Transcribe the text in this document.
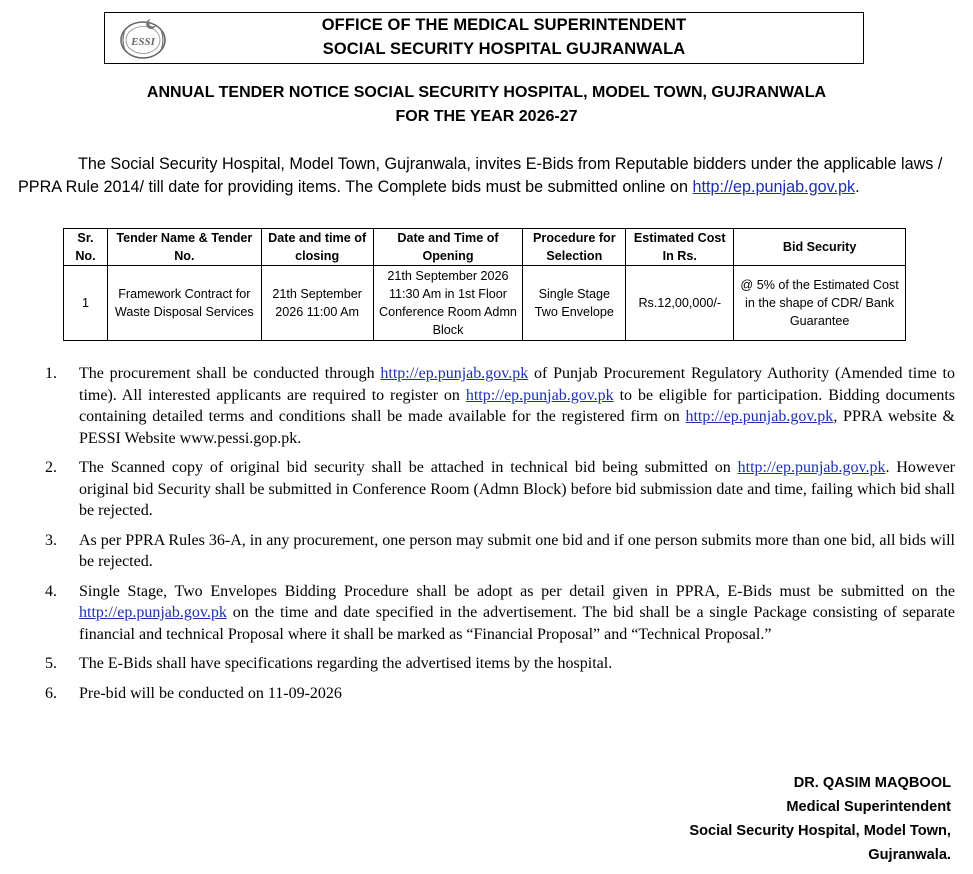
ESSI
OFFICE OF THE MEDICAL SUPERINTENDENT
SOCIAL SECURITY HOSPITAL GUJRANWALA
ANNUAL TENDER NOTICE SOCIAL SECURITY HOSPITAL, MODEL TOWN, GUJRANWALA
FOR THE YEAR 2026-27
The Social Security Hospital, Model Town, Gujranwala, invites E-Bids from Reputable bidders under the applicable laws / PPRA Rule 2014/ till date for providing items. The Complete bids must be submitted online on http://ep.punjab.gov.pk.
Sr. No.	Tender Name & Tender No.	Date and time of closing	Date and Time of Opening	Procedure for Selection	Estimated Cost In Rs.	Bid Security
1	Framework Contract for Waste Disposal Services	21th September 2026 11:00 Am	21th September 2026 11:30 Am in 1st Floor Conference Room Admn Block	Single Stage Two Envelope	Rs.12,00,000/-	@ 5% of the Estimated Cost in the shape of CDR/ Bank Guarantee
1. The procurement shall be conducted through http://ep.punjab.gov.pk of Punjab Procurement Regulatory Authority (Amended time to time). All interested applicants are required to register on http://ep.punjab.gov.pk to be eligible for participation. Bidding documents containing detailed terms and conditions shall be made available for the registered firm on http://ep.punjab.gov.pk, PPRA website & PESSI Website www.pessi.gop.pk.
2. The Scanned copy of original bid security shall be attached in technical bid being submitted on http://ep.punjab.gov.pk. However original bid Security shall be submitted in Conference Room (Admn Block) before bid submission date and time, failing which bid shall be rejected.
3. As per PPRA Rules 36-A, in any procurement, one person may submit one bid and if one person submits more than one bid, all bids will be rejected.
4. Single Stage, Two Envelopes Bidding Procedure shall be adopt as per detail given in PPRA, E-Bids must be submitted on the http://ep.punjab.gov.pk on the time and date specified in the advertisement. The bid shall be a single Package consisting of separate financial and technical Proposal where it shall be marked as “Financial Proposal” and “Technical Proposal.”
5. The E-Bids shall have specifications regarding the advertised items by the hospital.
6. Pre-bid will be conducted on 11-09-2026
DR. QASIM MAQBOOL
Medical Superintendent
Social Security Hospital, Model Town,
Gujranwala.
